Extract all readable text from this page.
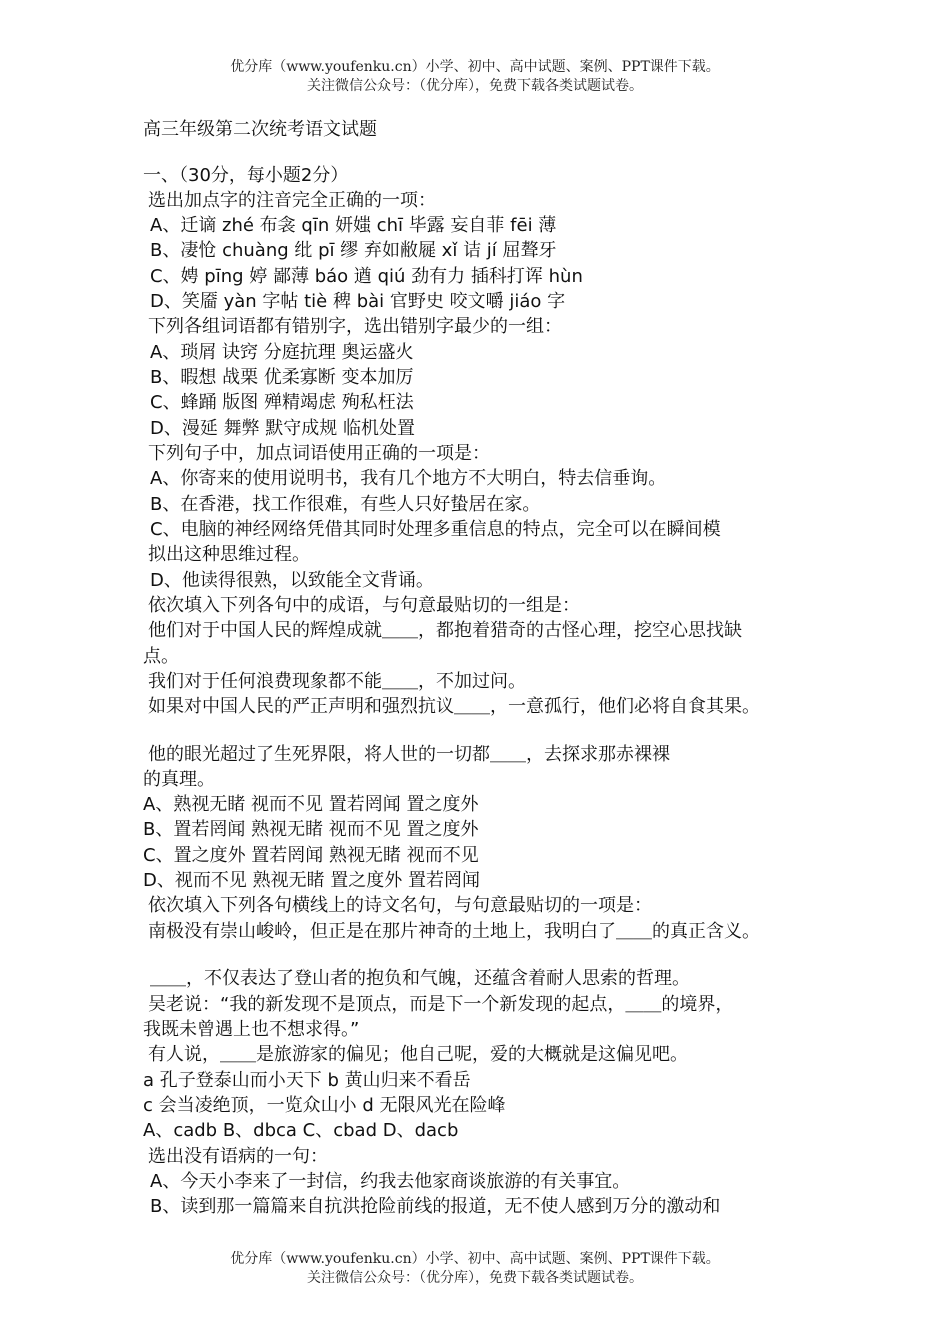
优分库（www.youfenku.cn）小学、初中、高中试题、案例、PPT课件下载。
关注微信公众号：（优分库），免费下载各类试题试卷。
高三年级第二次统考语文试题
一、（30分，每小题2分）
选出加点字的注音完全正确的一项：
A、迁谪 zhé 布衾 qīn 妍媸 chī 毕露 妄自菲 fēi 薄
B、凄怆 chuàng 纰 pī 缪 弃如敝屣 xǐ 诘 jí 屈聱牙
C、娉 pīng 婷 鄙薄 báo 遒 qiú 劲有力 插科打诨 hùn
D、笑靥 yàn 字帖 tiè 稗 bài 官野史 咬文嚼 jiáo 字
下列各组词语都有错别字，选出错别字最少的一组：
A、琐屑 诀窍 分庭抗理 奥运盛火
B、暇想 战栗 优柔寡断 变本加厉
C、蜂踊 版图 殚精竭虑 殉私枉法
D、漫延 舞弊 默守成规 临机处置
下列句子中，加点词语使用正确的一项是：
A、你寄来的使用说明书，我有几个地方不大明白，特去信垂询。
B、在香港，找工作很难，有些人只好蛰居在家。
C、电脑的神经网络凭借其同时处理多重信息的特点，完全可以在瞬间模
拟出这种思维过程。
D、他读得很熟，以致能全文背诵。
依次填入下列各句中的成语，与句意最贴切的一组是：
他们对于中国人民的辉煌成就＿＿，都抱着猎奇的古怪心理，挖空心思找缺
点。
我们对于任何浪费现象都不能＿＿，不加过问。
如果对中国人民的严正声明和强烈抗议＿＿，一意孤行，他们必将自食其果。
他的眼光超过了生死界限，将人世的一切都＿＿，去探求那赤裸裸
的真理。
A、熟视无睹 视而不见 置若罔闻 置之度外
B、置若罔闻 熟视无睹 视而不见 置之度外
C、置之度外 置若罔闻 熟视无睹 视而不见
D、视而不见 熟视无睹 置之度外 置若罔闻
依次填入下列各句横线上的诗文名句，与句意最贴切的一项是：
南极没有崇山峻岭，但正是在那片神奇的土地上，我明白了＿＿的真正含义。
＿＿，不仅表达了登山者的抱负和气魄，还蕴含着耐人思索的哲理。
吴老说：“我的新发现不是顶点，而是下一个新发现的起点，＿＿的境界，
我既未曾遇上也不想求得。”
有人说，＿＿是旅游家的偏见；他自己呢，爱的大概就是这偏见吧。
a 孔子登泰山而小天下 b 黄山归来不看岳
c 会当凌绝顶，一览众山小 d 无限风光在险峰
A、cadb B、dbca C、cbad D、dacb
选出没有语病的一句：
A、今天小李来了一封信，约我去他家商谈旅游的有关事宜。
B、读到那一篇篇来自抗洪抢险前线的报道，无不使人感到万分的激动和
优分库（www.youfenku.cn）小学、初中、高中试题、案例、PPT课件下载。
关注微信公众号：（优分库），免费下载各类试题试卷。
